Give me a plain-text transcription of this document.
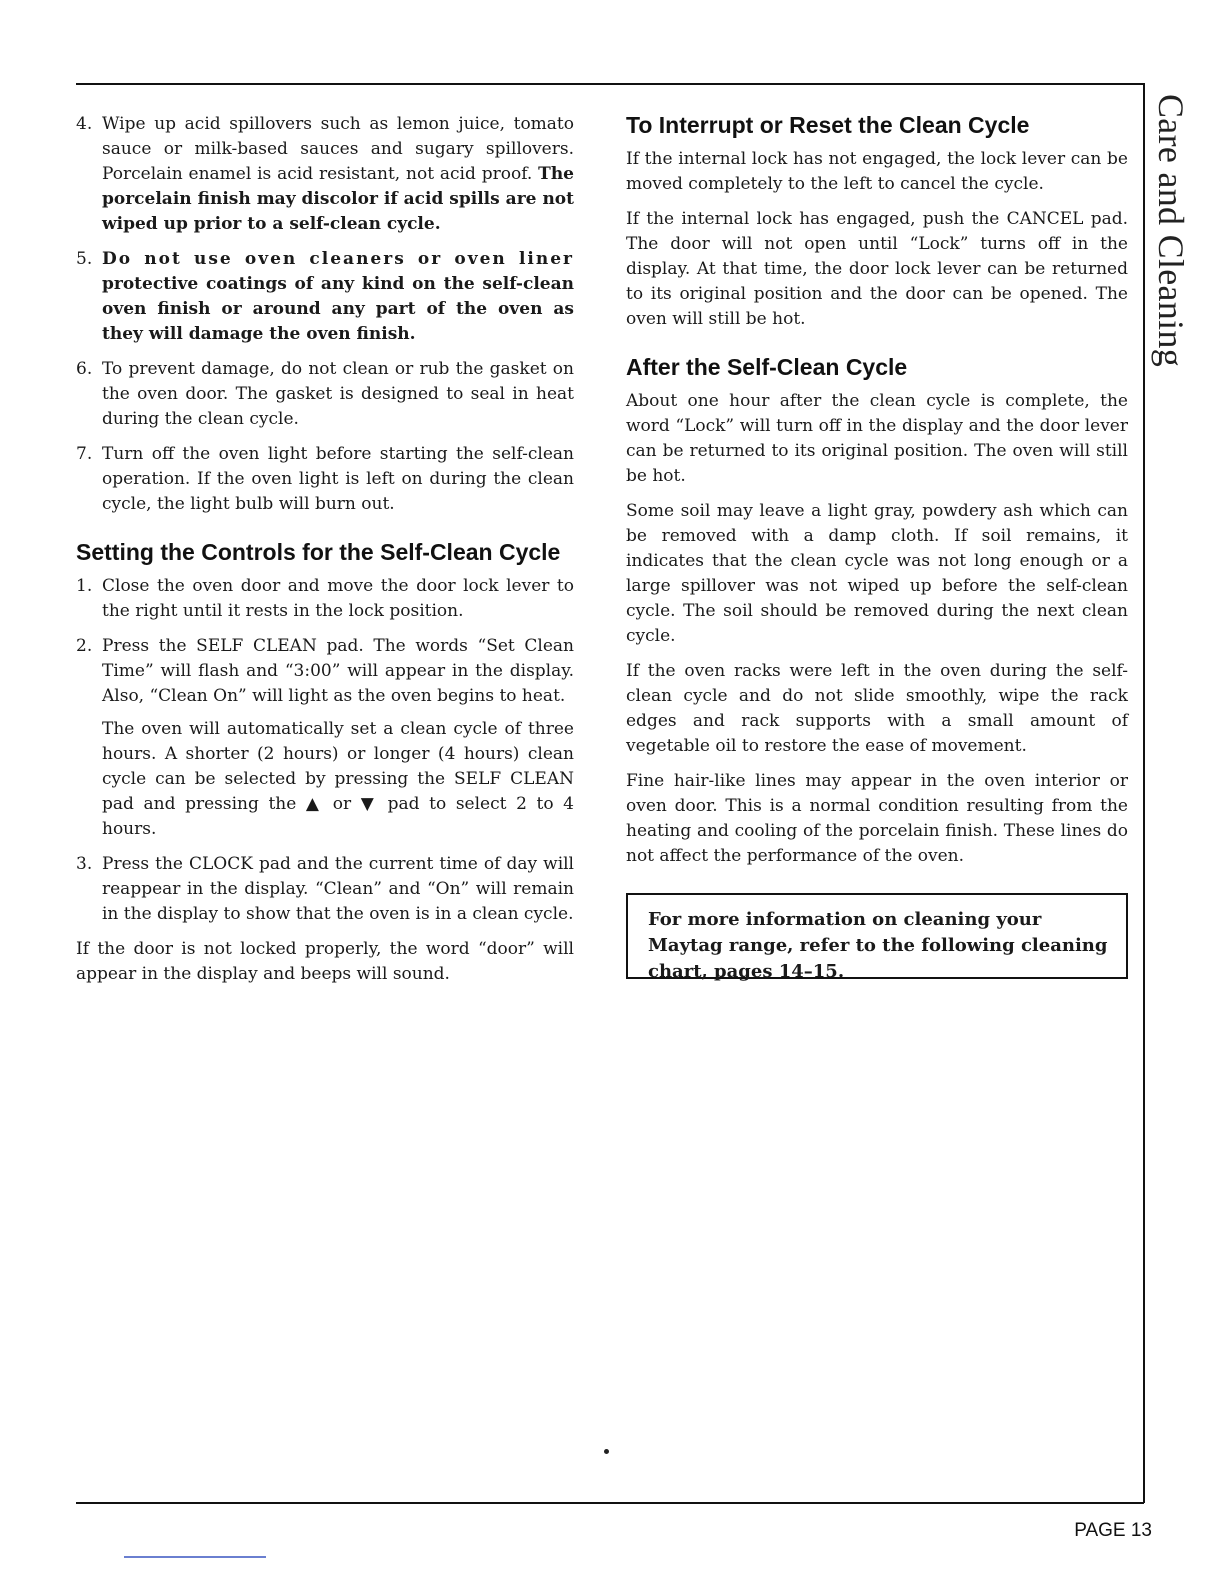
Care and Cleaning
4. Wipe up acid spillovers such as lemon juice, tomato sauce or milk-based sauces and sugary spillovers. Porcelain enamel is acid resistant, not acid proof. The porcelain finish may discolor if acid spills are not wiped up prior to a self-clean cycle.

5. Do not use oven cleaners or oven liner protective coatings of any kind on the self-clean oven finish or around any part of the oven as they will damage the oven finish.

6. To prevent damage, do not clean or rub the gasket on the oven door. The gasket is designed to seal in heat during the clean cycle.

7. Turn off the oven light before starting the self-clean operation. If the oven light is left on during the clean cycle, the light bulb will burn out.

Setting the Controls for the Self-Clean Cycle
1. Close the oven door and move the door lock lever to the right until it rests in the lock position.

2. Press the SELF CLEAN pad. The words “Set Clean Time” will flash and “3:00” will appear in the display. Also, “Clean On” will light as the oven begins to heat.

The oven will automatically set a clean cycle of three hours. A shorter (2 hours) or longer (4 hours) clean cycle can be selected by pressing the SELF CLEAN pad and pressing the ▲ or ▼ pad to select 2 to 4 hours.

3. Press the CLOCK pad and the current time of day will reappear in the display. “Clean” and “On” will remain in the display to show that the oven is in a clean cycle.

If the door is not locked properly, the word “door” will appear in the display and beeps will sound.

To Interrupt or Reset the Clean Cycle

If the internal lock has not engaged, the lock lever can be moved completely to the left to cancel the cycle.

If the internal lock has engaged, push the CANCEL pad. The door will not open until “Lock” turns off in the display. At that time, the door lock lever can be returned to its original position and the door can be opened. The oven will still be hot.

After the Self-Clean Cycle

About one hour after the clean cycle is complete, the word “Lock” will turn off in the display and the door lever can be returned to its original position. The oven will still be hot.

Some soil may leave a light gray, powdery ash which can be removed with a damp cloth. If soil remains, it indicates that the clean cycle was not long enough or a large spillover was not wiped up before the self-clean cycle. The soil should be removed during the next clean cycle.

If the oven racks were left in the oven during the self-clean cycle and do not slide smoothly, wipe the rack edges and rack supports with a small amount of vegetable oil to restore the ease of movement.

Fine hair-like lines may appear in the oven interior or oven door. This is a normal condition resulting from the heating and cooling of the porcelain finish. These lines do not affect the performance of the oven.

For more information on cleaning your Maytag range, refer to the following cleaning chart, pages 14–15.

PAGE 13
